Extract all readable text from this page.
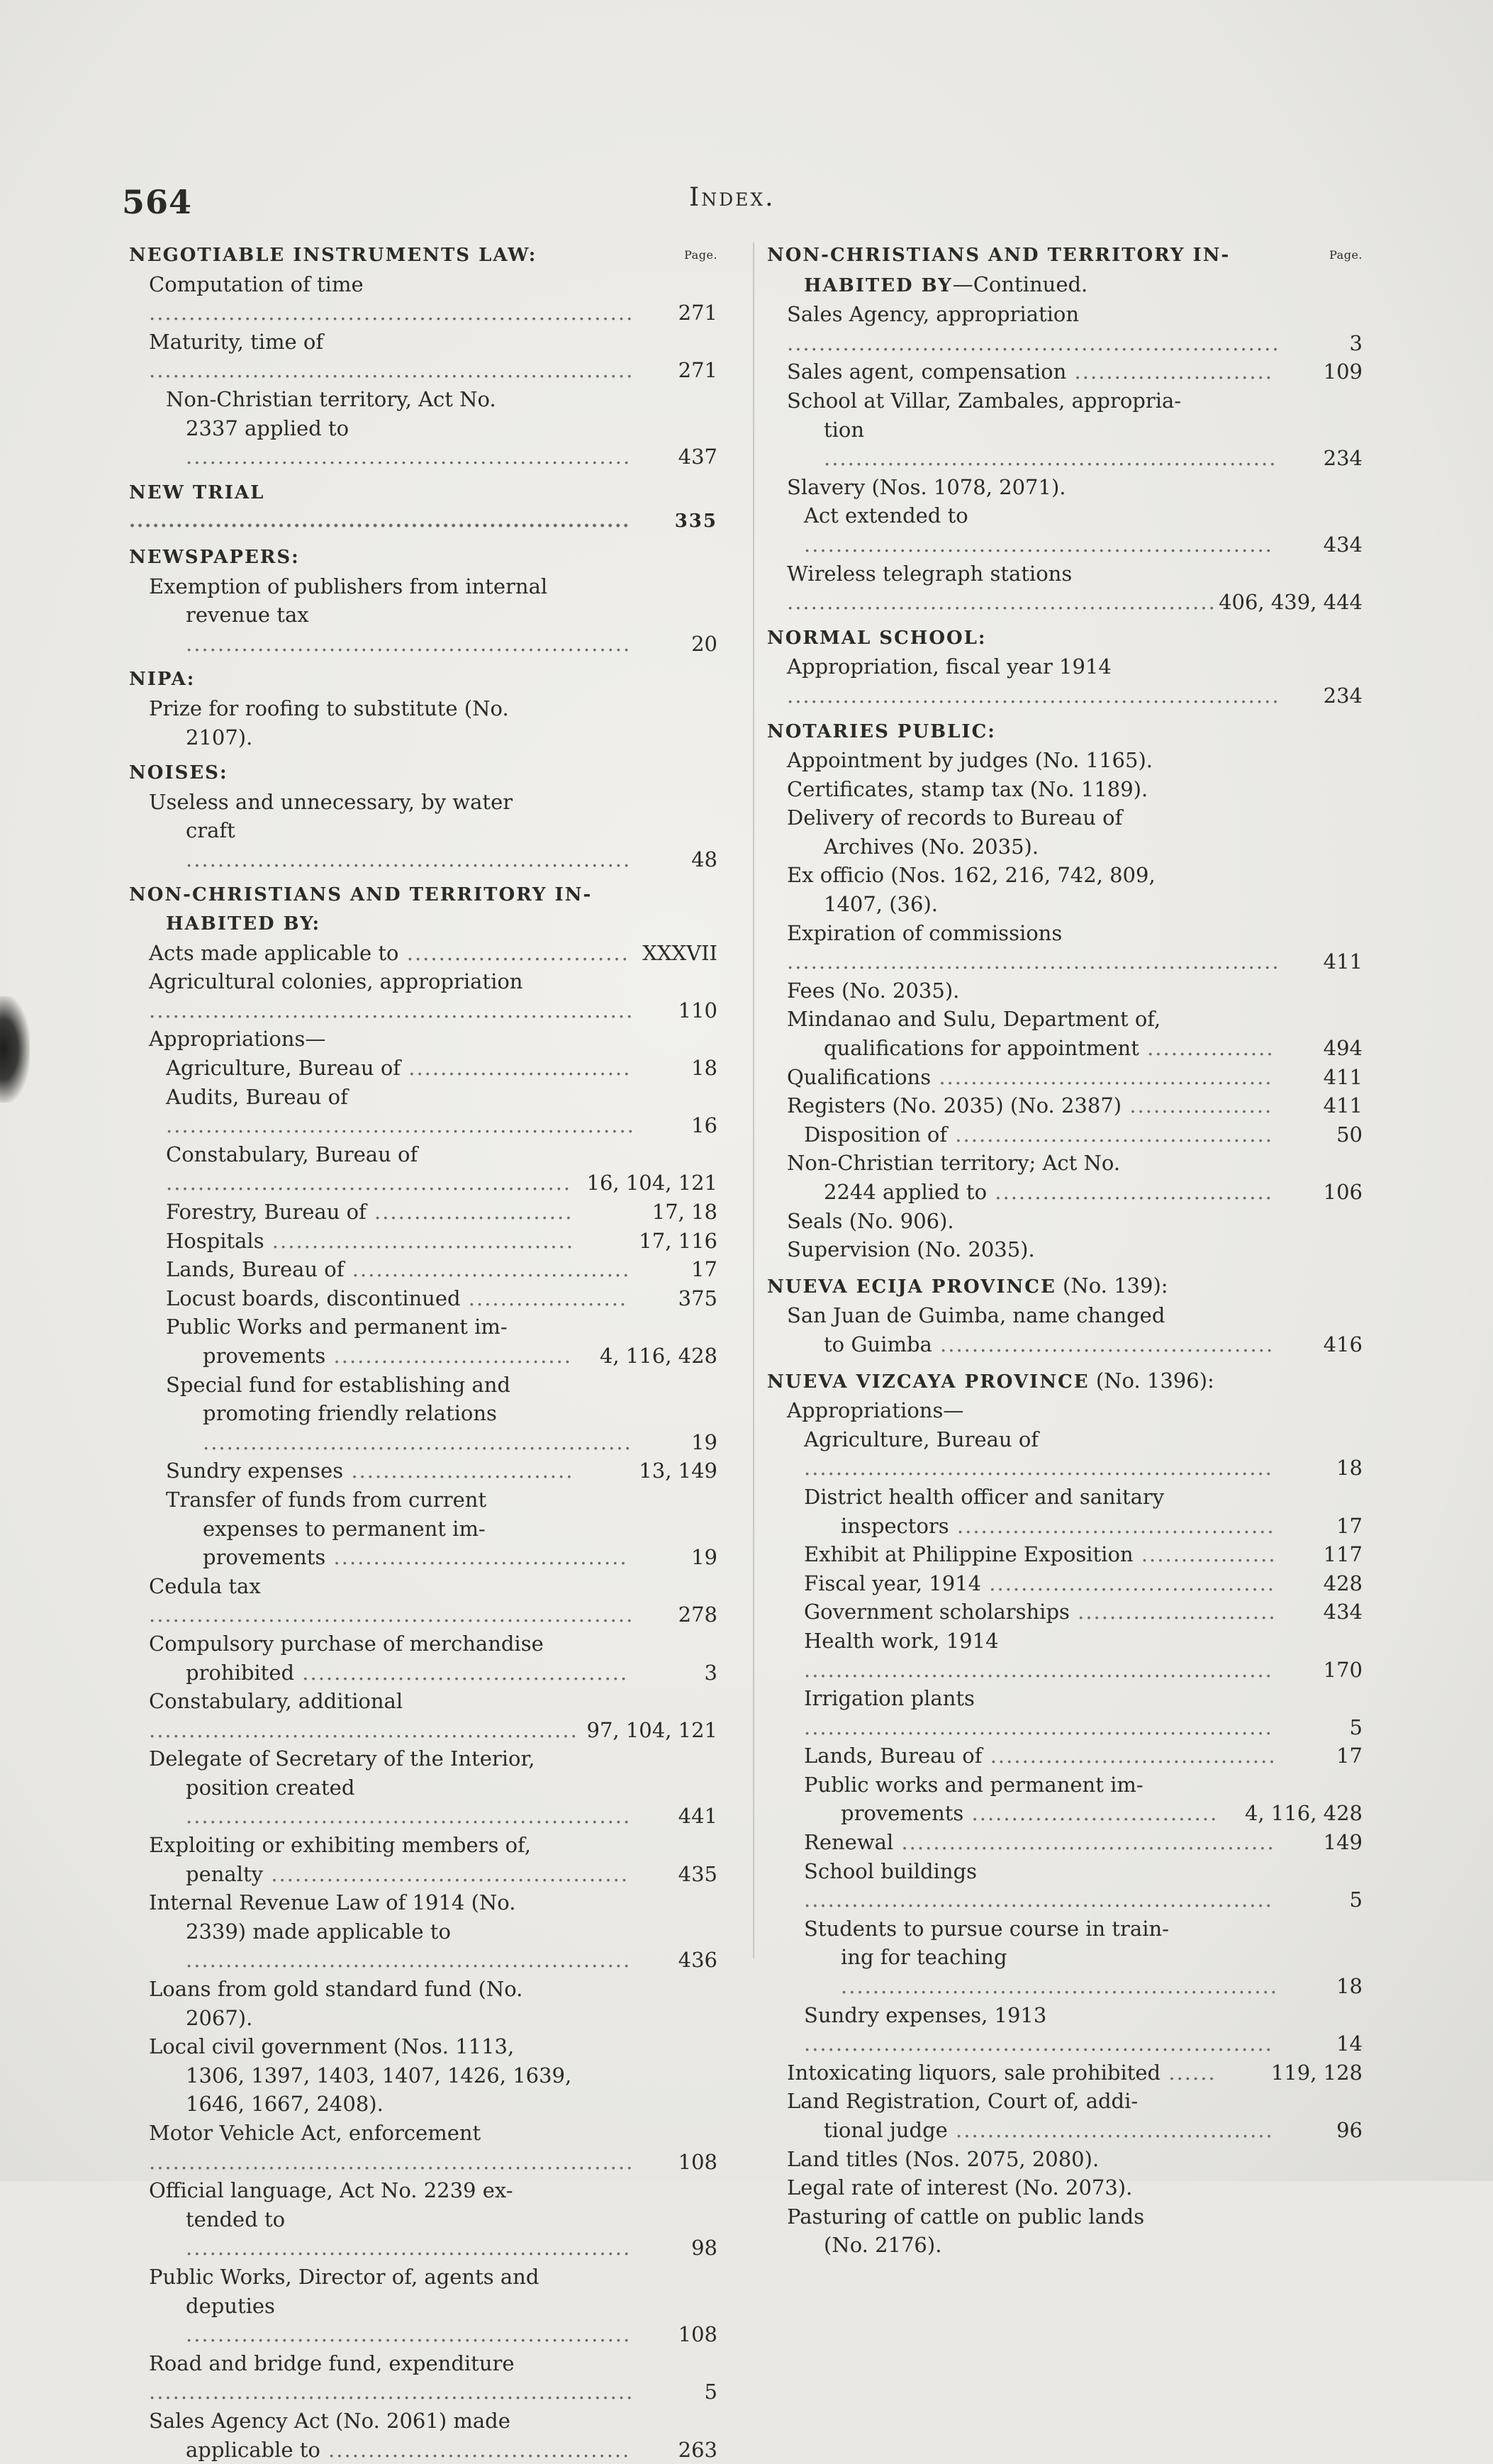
564	Index.
Page.
NEGOTIABLE INSTRUMENTS LAW:
Computation of time ............................................................. 271
Maturity, time of ............................................................. 271
Non-Christian territory, Act No.
2337 applied to ........................................................ 437
NEW TRIAL ................................................................ 335
NEWSPAPERS:
Exemption of publishers from internal
revenue tax ........................................................	20
NIPA:
Prize for roofing to substitute (No.
2107).
NOISES:
Useless and unnecessary, by water
craft ........................................................	48
NON-CHRISTIANS AND TERRITORY IN-
HABITED BY:
Acts made applicable to ............................ XXXVII
Agricultural colonies, appropriation ............................................................. 110
Appropriations—
Agriculture, Bureau of ............................	18
Audits, Bureau of ...........................................................	16
Constabulary, Bureau of ................................................... 16, 104, 121
Forestry, Bureau of .........................	17, 18
Hospitals ......................................	17, 116
Lands, Bureau of ...................................	17
Locust boards, discontinued .................... 375
Public Works and permanent im-
provements .............................. 4, 116, 428
Special fund for establishing and
promoting friendly relations ......................................................	19
Sundry expenses ............................	13, 149
Transfer of funds from current
expenses to permanent im-
provements .....................................	19
Cedula tax ............................................................. 278
Compulsory purchase of merchandise
prohibited .........................................	3
Constabulary, additional ...................................................... 97, 104, 121
Delegate of Secretary of the Interior,
position created ........................................................ 441
Exploiting or exhibiting members of,
penalty ............................................. 435
Internal Revenue Law of 1914 (No.
2339) made applicable to ........................................................ 436
Loans from gold standard fund (No.
2067).
Local civil government (Nos. 1113,
1306, 1397, 1403, 1407, 1426, 1639,
1646, 1667, 2408).
Motor Vehicle Act, enforcement ............................................................. 108
Official language, Act No. 2239 ex-
tended to ........................................................	98
Public Works, Director of, agents and
deputies ........................................................ 108
Road and bridge fund, expenditure .............................................................	5
Sales Agency Act (No. 2061) made
applicable to ...................................... 263
Page.
NON-CHRISTIANS AND TERRITORY IN-
HABITED BY—Continued.
Sales Agency, appropriation ..............................................................	3
Sales agent, compensation ......................... 109
School at Villar, Zambales, appropria-
tion ......................................................... 234
Slavery (Nos. 1078, 2071).
Act extended to ........................................................... 434
Wireless telegraph stations ...................................................... 406, 439, 444
NORMAL SCHOOL:
Appropriation, fiscal year 1914 .............................................................. 234
NOTARIES PUBLIC:
Appointment by judges (No. 1165).
Certificates, stamp tax (No. 1189).
Delivery of records to Bureau of
Archives (No. 2035).
Ex officio (Nos. 162, 216, 742, 809,
1407, (36).
Expiration of commissions .............................................................. 411
Fees (No. 2035).
Mindanao and Sulu, Department of,
qualifications for appointment ................ 494
Qualifications .......................................... 411
Registers (No. 2035) (No. 2387) .................. 411
Disposition of ........................................	50
Non-Christian territory; Act No.
2244 applied to ................................... 106
Seals (No. 906).
Supervision (No. 2035).
NUEVA ECIJA PROVINCE (No. 139):
San Juan de Guimba, name changed
to Guimba .......................................... 416
NUEVA VIZCAYA PROVINCE (No. 1396):
Appropriations—
Agriculture, Bureau of ...........................................................	18
District health officer and sanitary
inspectors ........................................	17
Exhibit at Philippine Exposition ................. 117
Fiscal year, 1914 .................................... 428
Government scholarships ......................... 434
Health work, 1914 ........................................................... 170
Irrigation plants ...........................................................	5
Lands, Bureau of ....................................	17
Public works and permanent im-
provements ............................... 4, 116, 428
Renewal ............................................... 149
School buildings ...........................................................	5
Students to pursue course in train-
ing for teaching .......................................................	18
Sundry expenses, 1913 ...........................................................	14
Intoxicating liquors, sale prohibited ......	119, 128
Land Registration, Court of, addi-
tional judge ........................................	96
Land titles (Nos. 2075, 2080).
Legal rate of interest (No. 2073).
Pasturing of cattle on public lands
(No. 2176).
